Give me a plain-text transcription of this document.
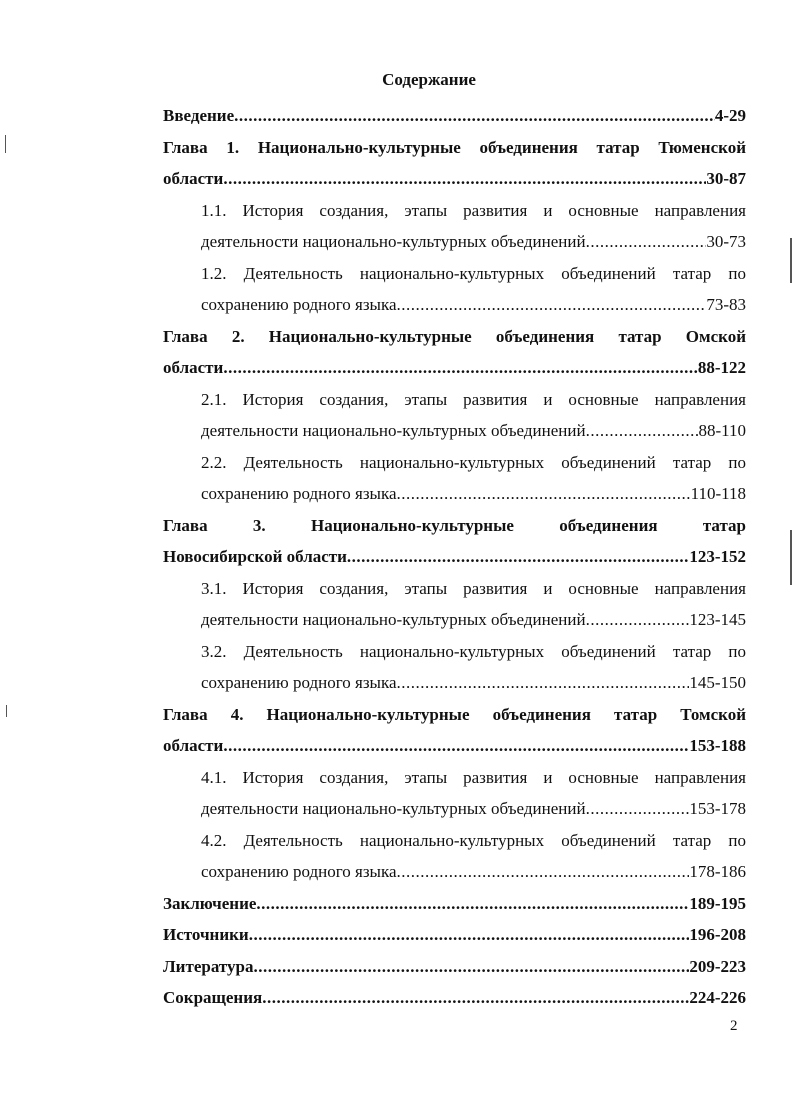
Содержание
Введение .....	4-29
Глава 1. Национально-культурные объединения татар Тюменской
области .....	30-87
1.1. История создания, этапы развития и основные направления
деятельности национально-культурных объединений .....	30-73
1.2. Деятельность национально-культурных объединений татар по
сохранению родного языка .....	73-83
Глава 2. Национально-культурные объединения татар Омской
области .....	88-122
2.1. История создания, этапы развития и основные направления
деятельности национально-культурных объединений .....	88-110
2.2. Деятельность национально-культурных объединений татар по
сохранению родного языка .....	110-118
Глава 3. Национально-культурные объединения татар
Новосибирской области .....	123-152
3.1. История создания, этапы развития и основные направления
деятельности национально-культурных объединений .....	123-145
3.2. Деятельность национально-культурных объединений татар по
сохранению родного языка .....	145-150
Глава 4. Национально-культурные объединения татар Томской
области .....	153-188
4.1. История создания, этапы развития и основные направления
деятельности национально-культурных объединений .....	153-178
4.2. Деятельность национально-культурных объединений татар по
сохранению родного языка .....	178-186
Заключение .....	189-195
Источники .....	196-208
Литература .....	209-223
Сокращения .....	224-226
2
